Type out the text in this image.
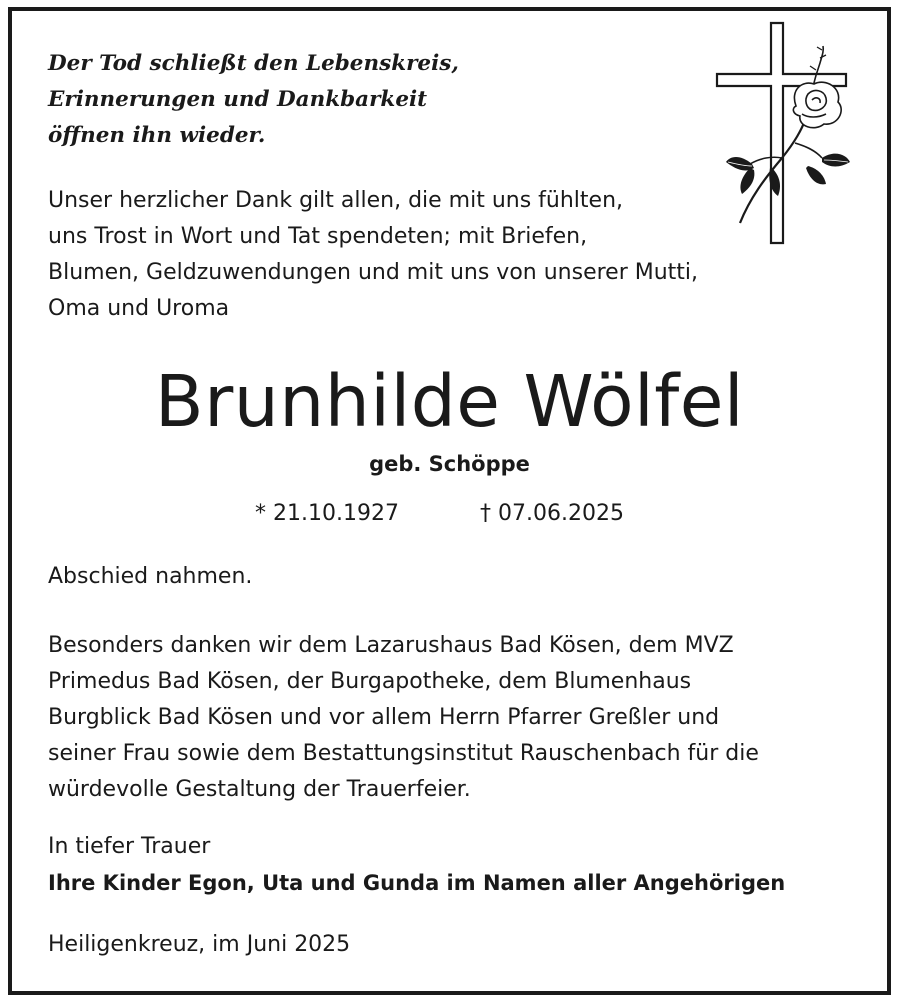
Der Tod schließt den Lebenskreis,
Erinnerungen und Dankbarkeit
öffnen ihn wieder.
Unser herzlicher Dank gilt allen, die mit uns fühlten,
uns Trost in Wort und Tat spendeten; mit Briefen,
Blumen, Geldzuwendungen und mit uns von unserer Mutti,
Oma und Uroma
Brunhilde Wölfel
geb. Schöppe
* 21.10.1927	† 07.06.2025
Abschied nahmen.
Besonders danken wir dem Lazarushaus Bad Kösen, dem MVZ
Primedus Bad Kösen, der Burgapotheke, dem Blumenhaus
Burgblick Bad Kösen und vor allem Herrn Pfarrer Greßler und
seiner Frau sowie dem Bestattungsinstitut Rauschenbach für die
würdevolle Gestaltung der Trauerfeier.
In tiefer Trauer
Ihre Kinder Egon, Uta und Gunda im Namen aller Angehörigen
Heiligenkreuz, im Juni 2025
